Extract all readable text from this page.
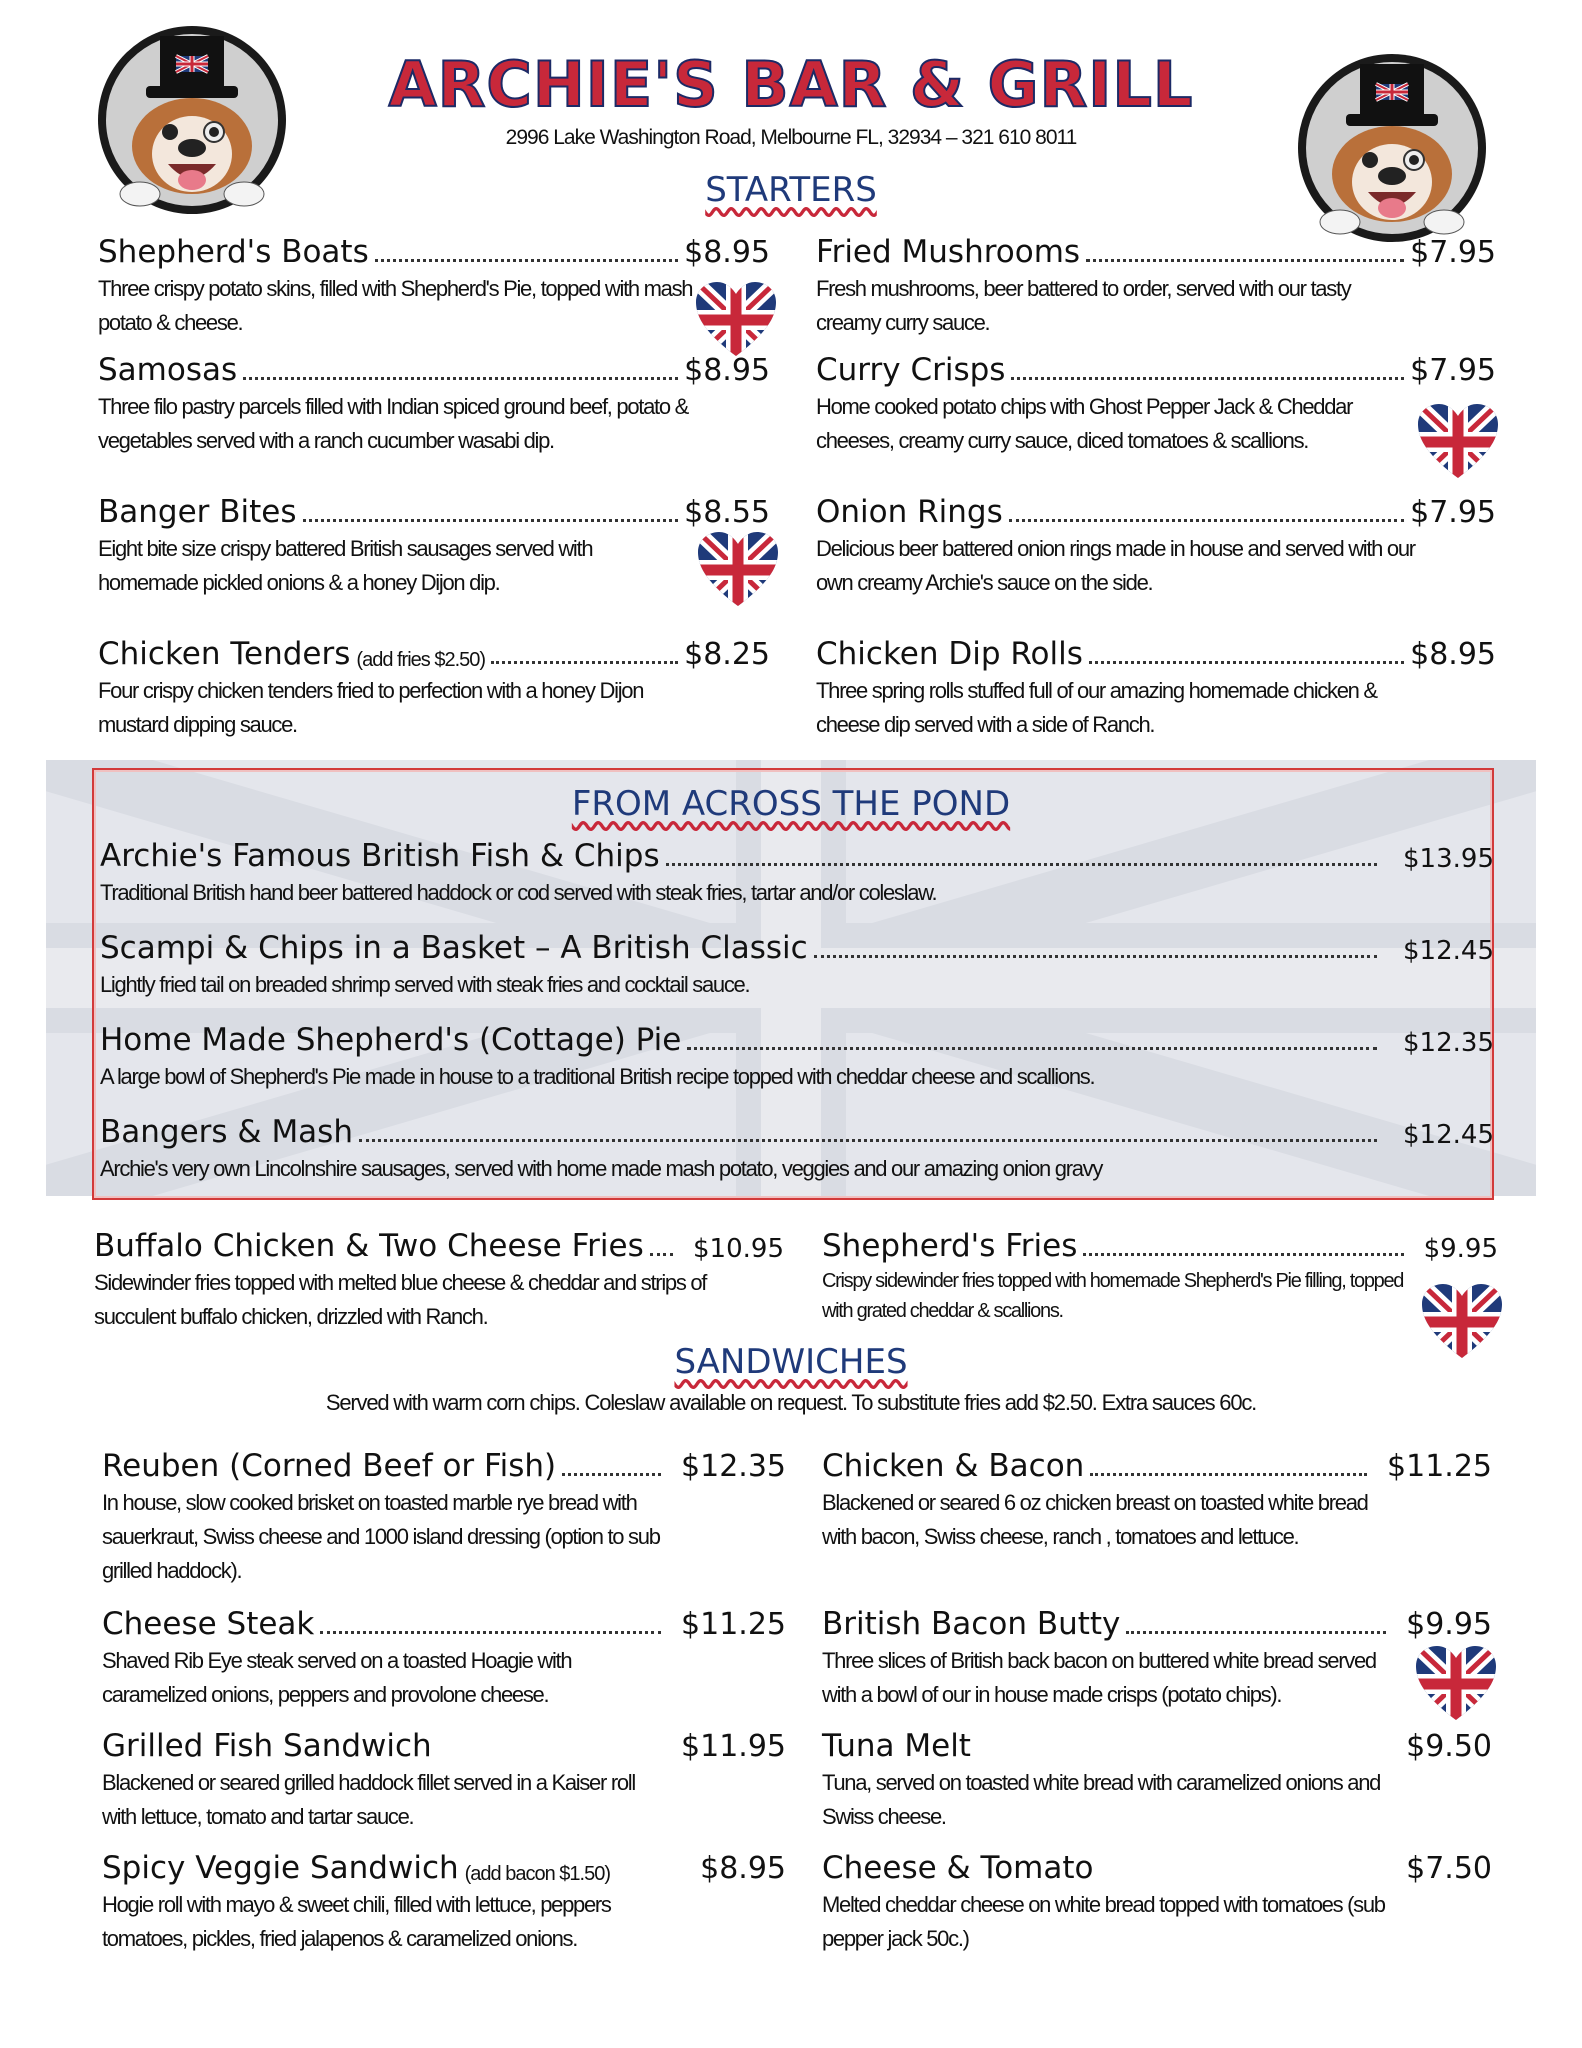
ARCHIE'S BAR & GRILL
2996 Lake Washington Road, Melbourne FL, 32934 – 321 610 8011
STARTERS
Shepherd's Boats	$8.95
Three crispy potato skins, filled with Shepherd's Pie, topped with mash potato & cheese.
Samosas	$8.95
Three filo pastry parcels filled with Indian spiced ground beef, potato & vegetables served with a ranch cucumber wasabi dip.
Banger Bites	$8.55
Eight bite size crispy battered British sausages served with homemade pickled onions & a honey Dijon dip.
Chicken Tenders (add fries $2.50)	$8.25
Four crispy chicken tenders fried to perfection with a honey Dijon mustard dipping sauce.
Fried Mushrooms	$7.95
Fresh mushrooms, beer battered to order, served with our tasty creamy curry sauce.
Curry Crisps	$7.95
Home cooked potato chips with Ghost Pepper Jack & Cheddar cheeses, creamy curry sauce, diced tomatoes & scallions.
Onion Rings	$7.95
Delicious beer battered onion rings made in house and served with our own creamy Archie's sauce on the side.
Chicken Dip Rolls	$8.95
Three spring rolls stuffed full of our amazing homemade chicken & cheese dip served with a side of Ranch.
FROM ACROSS THE POND
Archie's Famous British Fish & Chips	$13.95
Traditional British hand beer battered haddock or cod served with steak fries, tartar and/or coleslaw.
Scampi & Chips in a Basket – A British Classic	$12.45
Lightly fried tail on breaded shrimp served with steak fries and cocktail sauce.
Home Made Shepherd's (Cottage) Pie	$12.35
A large bowl of Shepherd's Pie made in house to a traditional British recipe topped with cheddar cheese and scallions.
Bangers & Mash	$12.45
Archie's very own Lincolnshire sausages, served with home made mash potato, veggies and our amazing onion gravy
Buffalo Chicken & Two Cheese Fries $10.95
Sidewinder fries topped with melted blue cheese & cheddar and strips of succulent buffalo chicken, drizzled with Ranch.
Shepherd's Fries	$9.95
Crispy sidewinder fries topped with homemade Shepherd's Pie filling, topped with grated cheddar & scallions.
SANDWICHES
Served with warm corn chips. Coleslaw available on request. To substitute fries add $2.50. Extra sauces 60c.
Reuben (Corned Beef or Fish)	$12.35
In house, slow cooked brisket on toasted marble rye bread with sauerkraut, Swiss cheese and 1000 island dressing (option to sub grilled haddock).
Cheese Steak	$11.25
Shaved Rib Eye steak served on a toasted Hoagie with caramelized onions, peppers and provolone cheese.
Grilled Fish Sandwich	$11.95
Blackened or seared grilled haddock fillet served in a Kaiser roll with lettuce, tomato and tartar sauce.
Spicy Veggie Sandwich (add bacon $1.50)	$8.95
Hogie roll with mayo & sweet chili, filled with lettuce, peppers tomatoes, pickles, fried jalapenos & caramelized onions.
Chicken & Bacon	$11.25
Blackened or seared 6 oz chicken breast on toasted white bread with bacon, Swiss cheese, ranch , tomatoes and lettuce.
British Bacon Butty	$9.95
Three slices of British back bacon on buttered white bread served with a bowl of our in house made crisps (potato chips).
Tuna Melt	$9.50
Tuna, served on toasted white bread with caramelized onions and Swiss cheese.
Cheese & Tomato	$7.50
Melted cheddar cheese on white bread topped with tomatoes (sub pepper jack 50c.)
